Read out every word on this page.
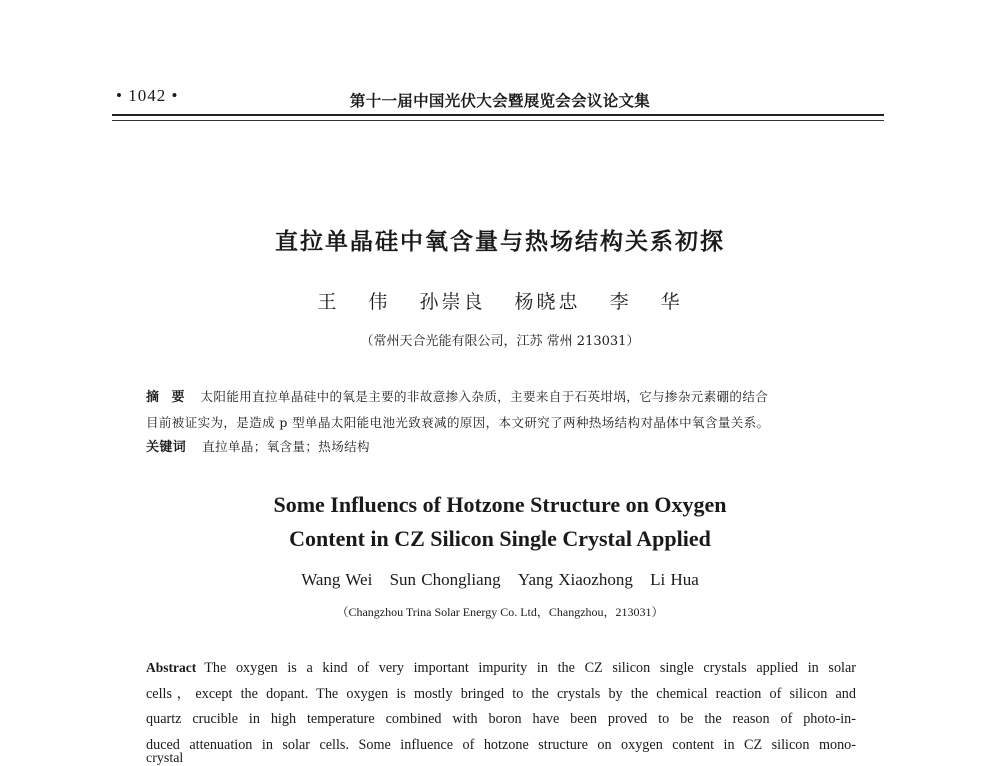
• 1042 •	第十一届中国光伏大会暨展览会会议论文集
直拉单晶硅中氧含量与热场结构关系初探
王 伟 孙崇良 杨晓忠 李 华
（常州天合光能有限公司，江苏 常州 213031）
摘 要 太阳能用直拉单晶硅中的氧是主要的非故意掺入杂质，主要来自于石英坩埚，它与掺杂元素硼的结合
目前被证实为，是造成 p 型单晶太阳能电池光致衰减的原因，本文研究了两种热场结构对晶体中氧含量关系。
关键词 直拉单晶；氧含量；热场结构
Some Influencs of Hotzone Structure on Oxygen
Content in CZ Silicon Single Crystal Applied
Wang Wei Sun Chongliang Yang Xiaozhong Li Hua
（Changzhou Trina Solar Energy Co. Ltd，Changzhou，213031）
Abstract The oxygen is a kind of very important impurity in the CZ silicon single crystals applied in solar
cells，except the dopant. The oxygen is mostly bringed to the crystals by the chemical reaction of silicon and
quartz crucible in high temperature combined with boron have been proved to be the reason of photo-in-
duced attenuation in solar cells. Some influence of hotzone structure on oxygen content in CZ silicon mono-
crystal
